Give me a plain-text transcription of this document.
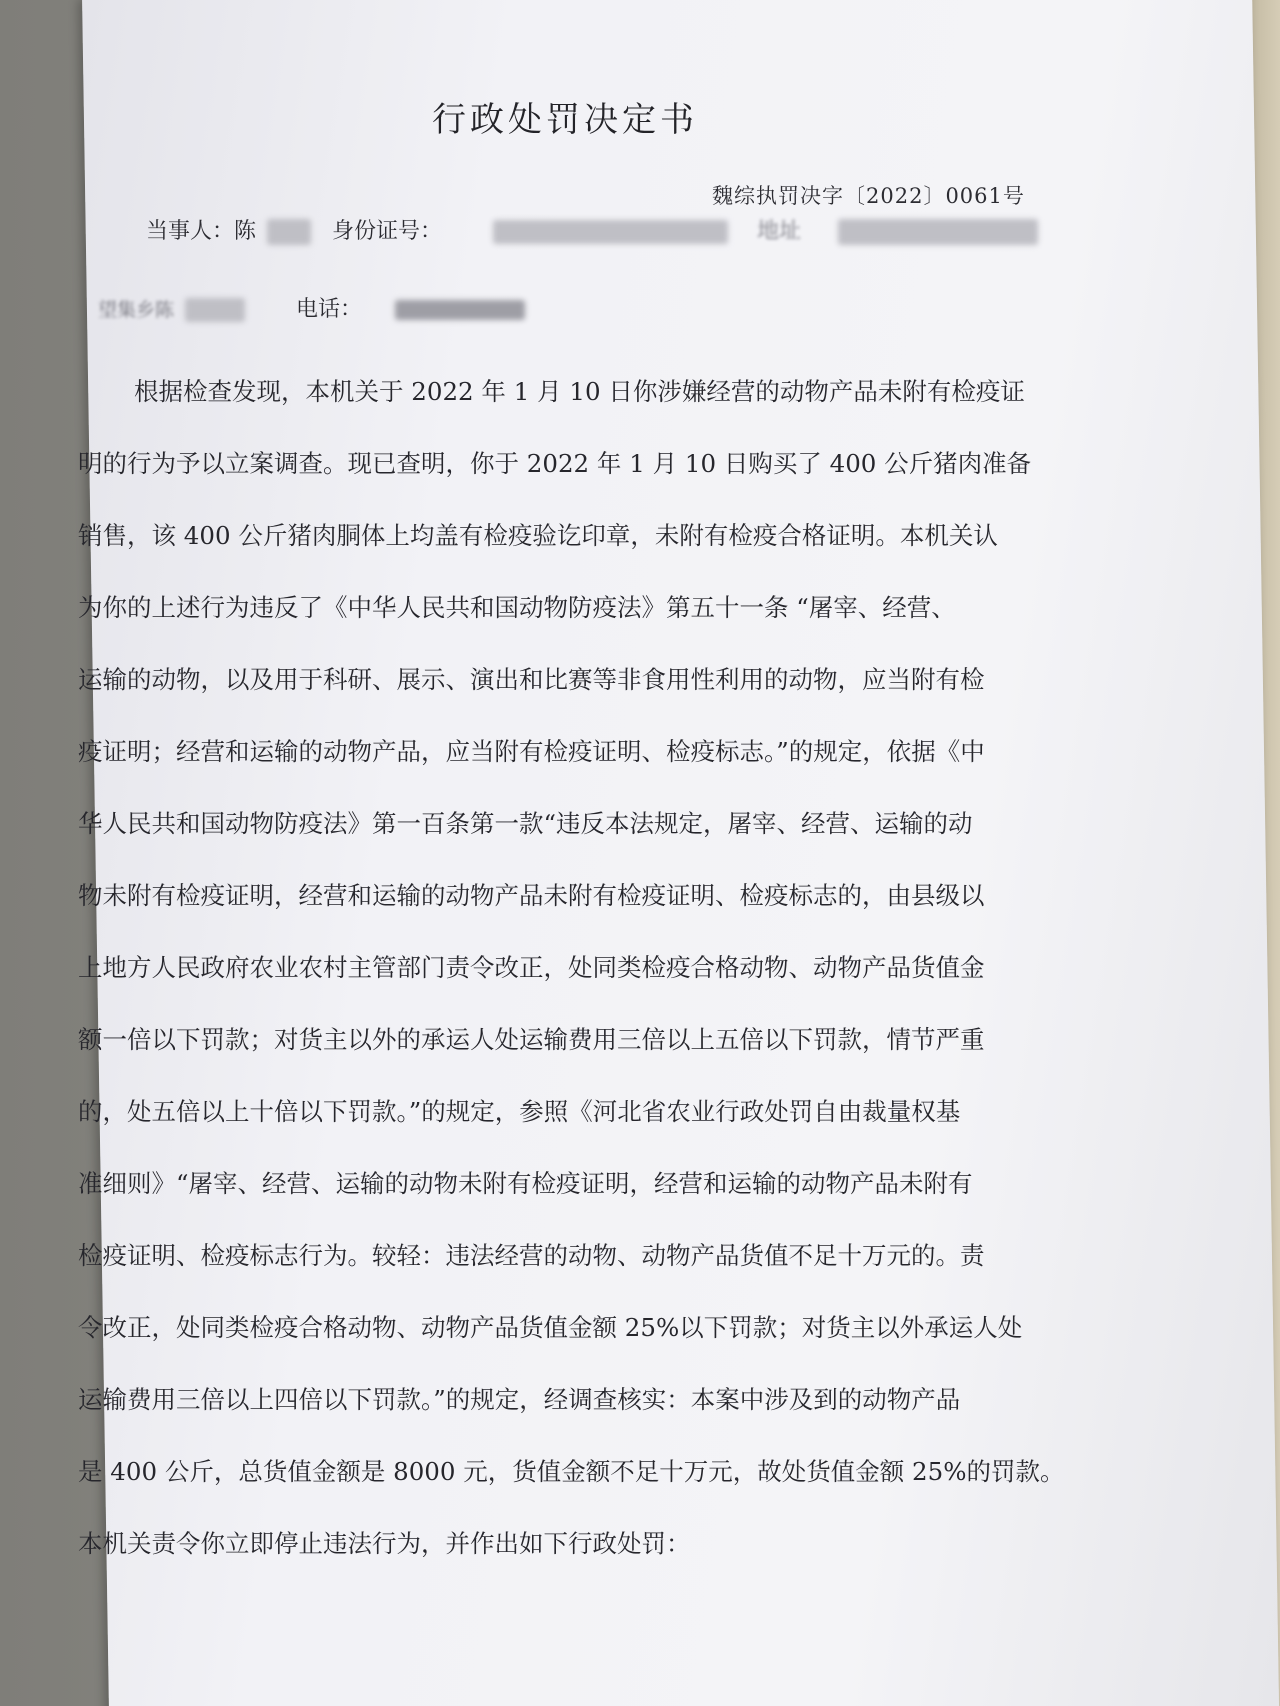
行政处罚决定书
魏综执罚决字〔2022〕0061号
当事人：陈	身份证号：	地址
望集乡陈	电话：
根据检查发现，本机关于 2022 年 1 月 10 日你涉嫌经营的动物产品未附有检疫证
明的行为予以立案调查。现已查明，你于 2022 年 1 月 10 日购买了 400 公斤猪肉准备
销售，该 400 公斤猪肉胴体上均盖有检疫验讫印章，未附有检疫合格证明。本机关认
为你的上述行为违反了《中华人民共和国动物防疫法》第五十一条 “屠宰、经营、
运输的动物，以及用于科研、展示、演出和比赛等非食用性利用的动物，应当附有检
疫证明；经营和运输的动物产品，应当附有检疫证明、检疫标志。”的规定，依据《中
华人民共和国动物防疫法》第一百条第一款“违反本法规定，屠宰、经营、运输的动
物未附有检疫证明，经营和运输的动物产品未附有检疫证明、检疫标志的，由县级以
上地方人民政府农业农村主管部门责令改正，处同类检疫合格动物、动物产品货值金
额一倍以下罚款；对货主以外的承运人处运输费用三倍以上五倍以下罚款，情节严重
的，处五倍以上十倍以下罚款。”的规定，参照《河北省农业行政处罚自由裁量权基
准细则》“屠宰、经营、运输的动物未附有检疫证明，经营和运输的动物产品未附有
检疫证明、检疫标志行为。较轻：违法经营的动物、动物产品货值不足十万元的。责
令改正，处同类检疫合格动物、动物产品货值金额 25%以下罚款；对货主以外承运人处
运输费用三倍以上四倍以下罚款。”的规定，经调查核实：本案中涉及到的动物产品
是 400 公斤，总货值金额是 8000 元，货值金额不足十万元，故处货值金额 25%的罚款。
本机关责令你立即停止违法行为，并作出如下行政处罚：
